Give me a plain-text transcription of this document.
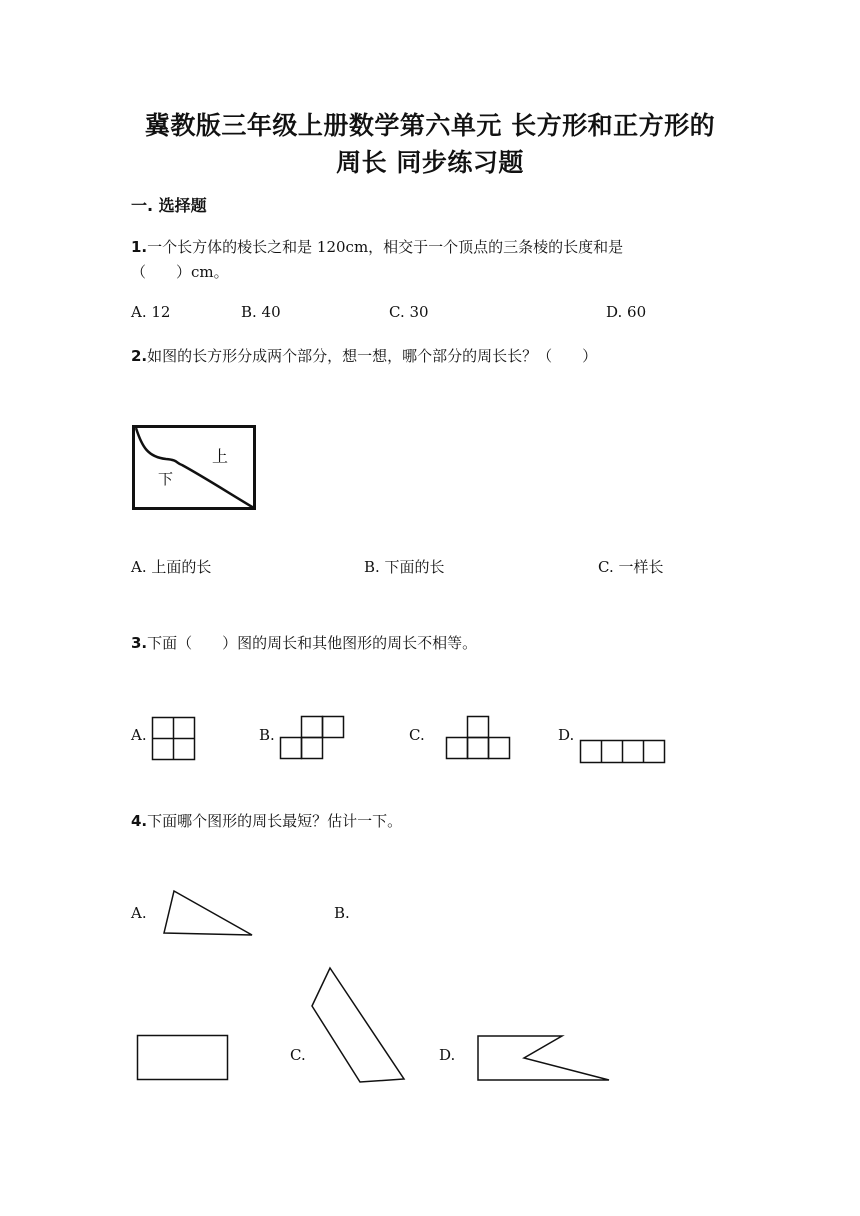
冀教版三年级上册数学第六单元 长方形和正方形的
周长 同步练习题
一. 选择题
1.一个长方体的棱长之和是 120cm，相交于一个顶点的三条棱的长度和是
（　　）cm。
A. 12	B. 40	C. 30	D. 60
2.如图的长方形分成两个部分，想一想，哪个部分的周长长？（　　）
上
下
A. 上面的长	B. 下面的长	C. 一样长
3.下面（　　）图的周长和其他图形的周长不相等。
A.	B.	C.	D.
4.下面哪个图形的周长最短？估计一下。
A.	B.
C.	D.
